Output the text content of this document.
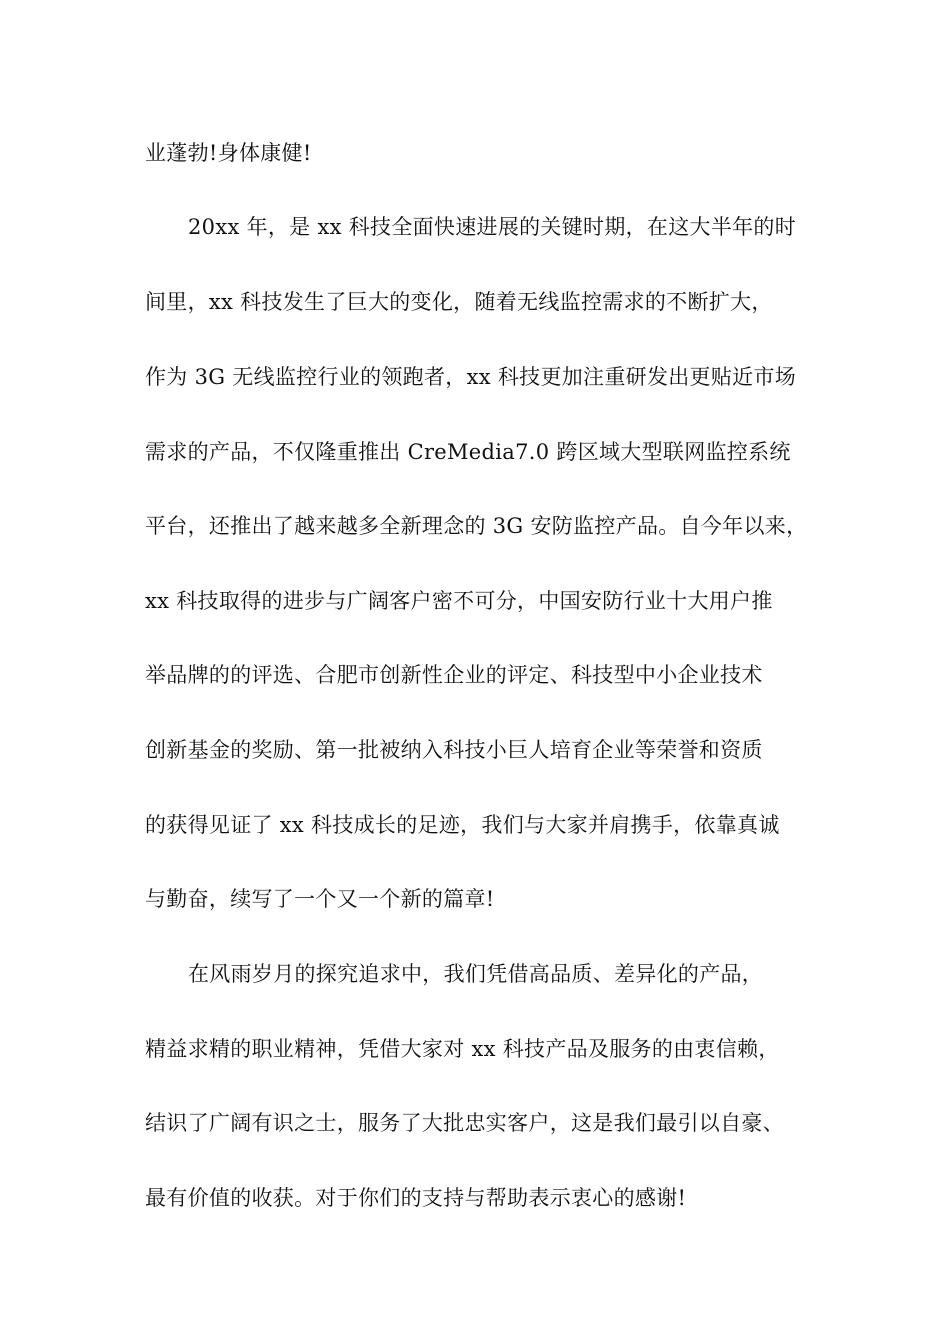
业蓬勃!身体康健!
20xx 年，是 xx 科技全面快速进展的关键时期，在这大半年的时
间里，xx 科技发生了巨大的变化，随着无线监控需求的不断扩大，
作为 3G 无线监控行业的领跑者，xx 科技更加注重研发出更贴近市场
需求的产品，不仅隆重推出 CreMedia7.0 跨区域大型联网监控系统
平台，还推出了越来越多全新理念的 3G 安防监控产品。自今年以来，
xx 科技取得的进步与广阔客户密不可分，中国安防行业十大用户推
举品牌的的评选、合肥市创新性企业的评定、科技型中小企业技术
创新基金的奖励、第一批被纳入科技小巨人培育企业等荣誉和资质
的获得见证了 xx 科技成长的足迹，我们与大家并肩携手，依靠真诚
与勤奋，续写了一个又一个新的篇章!
在风雨岁月的探究追求中，我们凭借高品质、差异化的产品，
精益求精的职业精神，凭借大家对 xx 科技产品及服务的由衷信赖，
结识了广阔有识之士，服务了大批忠实客户，这是我们最引以自豪、
最有价值的收获。对于你们的支持与帮助表示衷心的感谢!
